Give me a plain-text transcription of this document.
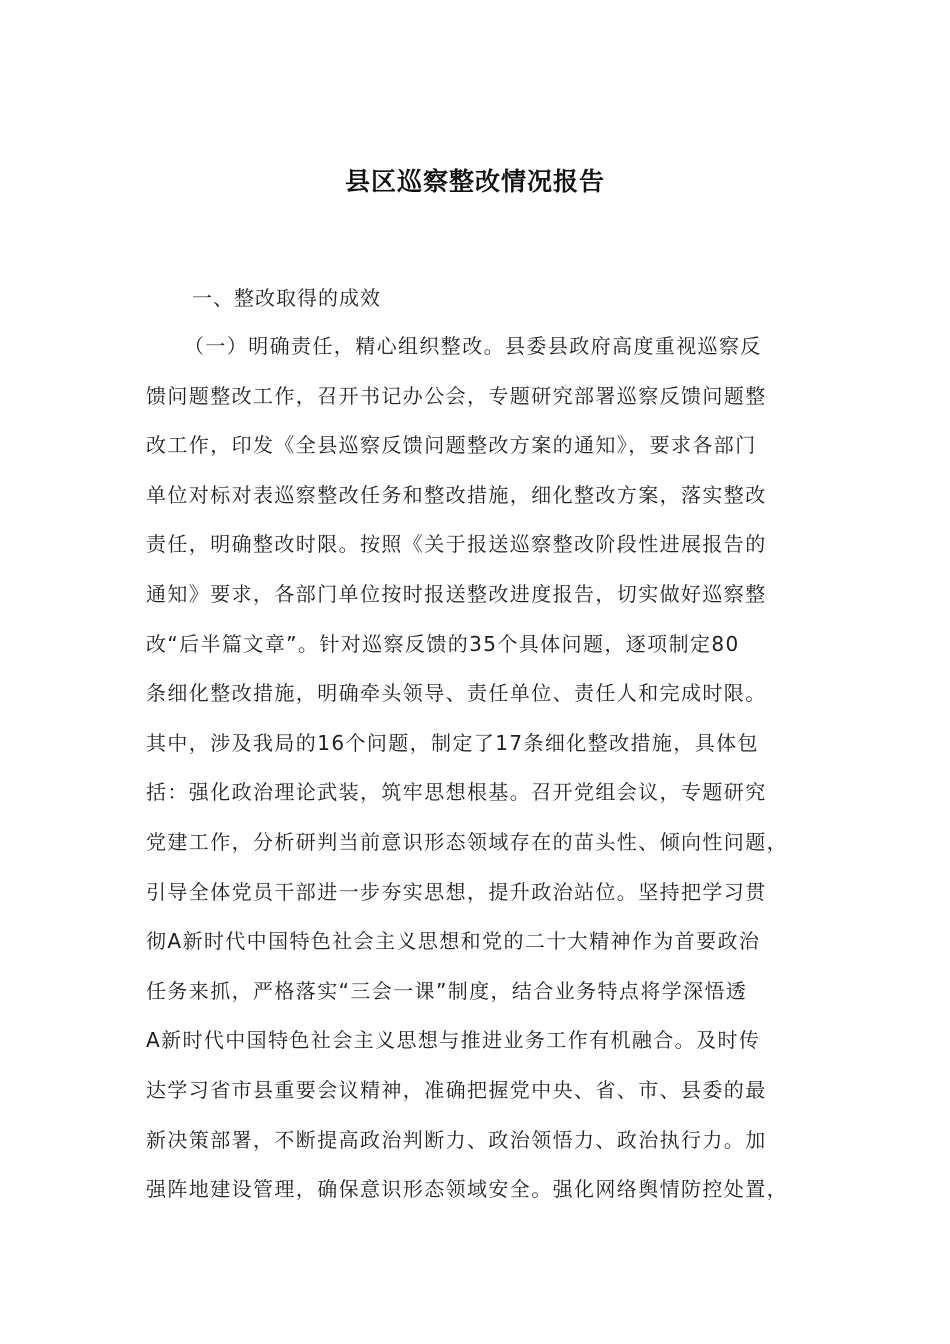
县区巡察整改情况报告
一、整改取得的成效
（一）明确责任，精心组织整改。县委县政府高度重视巡察反
馈问题整改工作，召开书记办公会，专题研究部署巡察反馈问题整
改工作，印发《全县巡察反馈问题整改方案的通知》，要求各部门
单位对标对表巡察整改任务和整改措施，细化整改方案，落实整改
责任，明确整改时限。按照《关于报送巡察整改阶段性进展报告的
通知》要求，各部门单位按时报送整改进度报告，切实做好巡察整
改“后半篇文章”。针对巡察反馈的35个具体问题，逐项制定80
条细化整改措施，明确牵头领导、责任单位、责任人和完成时限。
其中，涉及我局的16个问题，制定了17条细化整改措施，具体包
括：强化政治理论武装，筑牢思想根基。召开党组会议，专题研究
党建工作，分析研判当前意识形态领域存在的苗头性、倾向性问题，
引导全体党员干部进一步夯实思想，提升政治站位。坚持把学习贯
彻A新时代中国特色社会主义思想和党的二十大精神作为首要政治
任务来抓，严格落实“三会一课”制度，结合业务特点将学深悟透
A新时代中国特色社会主义思想与推进业务工作有机融合。及时传
达学习省市县重要会议精神，准确把握党中央、省、市、县委的最
新决策部署，不断提高政治判断力、政治领悟力、政治执行力。加
强阵地建设管理，确保意识形态领域安全。强化网络舆情防控处置，
